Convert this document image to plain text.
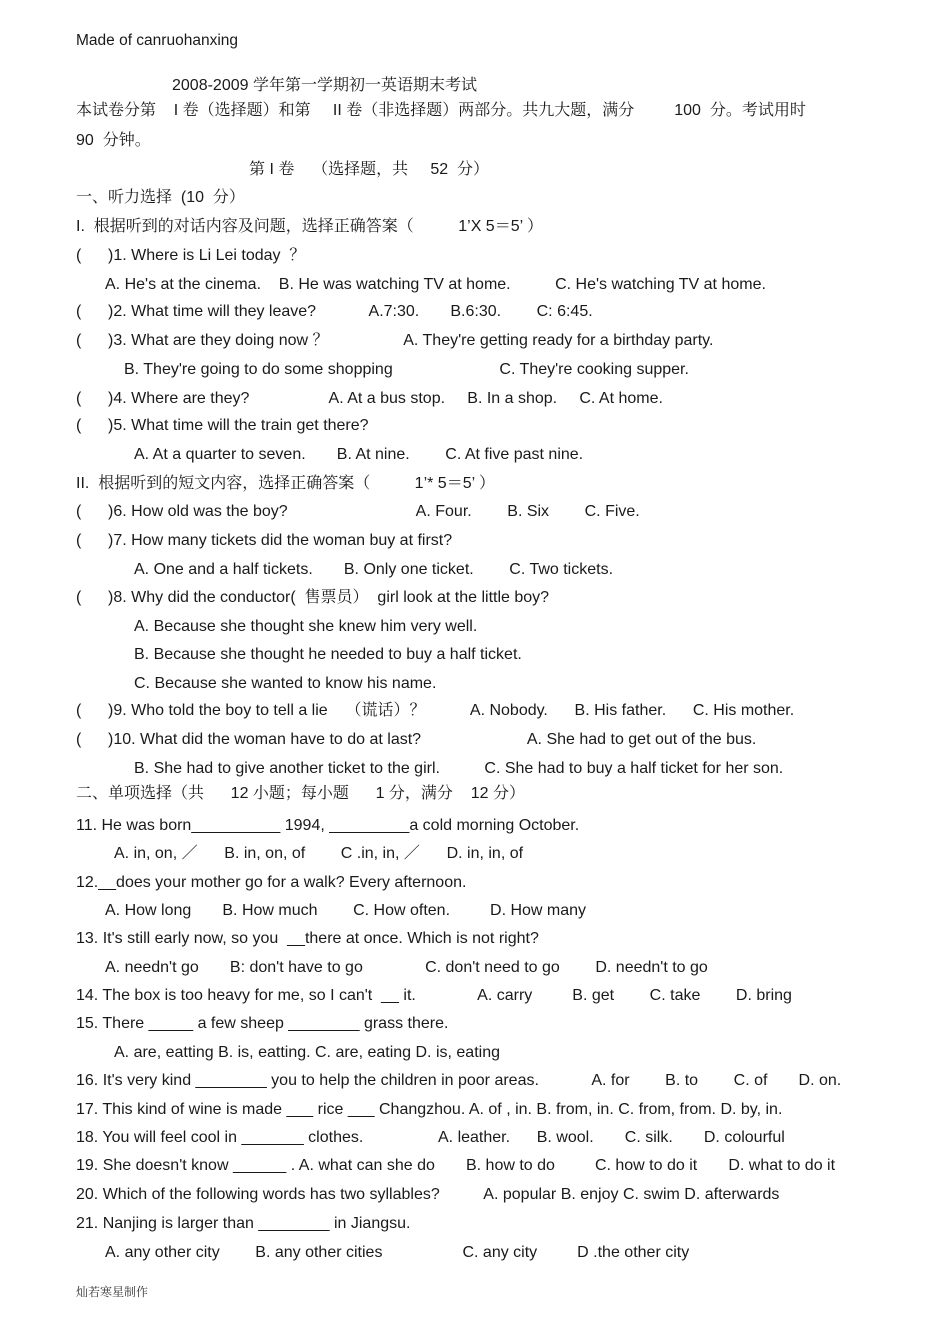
Made of canruohanxing
2008-2009 学年第一学期初一英语期末考试
本试卷分第    I 卷（选择题）和第     II 卷（非选择题）两部分。共九大题，满分         100  分。考试用时
90  分钟。
第 I 卷    （选择题，共     52  分）
一、听力选择  (10  分）
I.  根据听到的对话内容及问题，选择正确答案（          1’X 5＝5’ ）
(      )1. Where is Li Lei today  ？
A. He's at the cinema.    B. He was watching TV at home.          C. He's watching TV at home.
(      )2. What time will they leave?            A.7:30.       B.6:30.        C: 6:45.
(      )3. What are they doing now ？                 A. They're getting ready for a birthday party.
B. They're going to do some shopping                        C. They're cooking supper.
(      )4. Where are they?                  A. At a bus stop.     B. In a shop.     C. At home.
(      )5. What time will the train get there?
A. At a quarter to seven.       B. At nine.        C. At five past nine.
II.  根据听到的短文内容，选择正确答案（          1’* 5＝5’ ）
(      )6. How old was the boy?                             A. Four.        B. Six        C. Five.
(      )7. How many tickets did the woman buy at first?
A. One and a half tickets.       B. Only one ticket.        C. Two tickets.
(      )8. Why did the conductor(  售票员）  girl look at the little boy?
A. Because she thought she knew him very well.
B. Because she thought he needed to buy a half ticket.
C. Because she wanted to know his name.
(      )9. Who told the boy to tell a lie    （谎话）？          A. Nobody.      B. His father.      C. His mother.
(      )10. What did the woman have to do at last?                        A. She had to get out of the bus.
B. She had to give another ticket to the girl.          C. She had to buy a half ticket for her son.
二、单项选择（共      12 小题；每小题      1 分，满分    12 分）
11. He was born__________ 1994, _________a cold morning October.
A. in, on, ／      B. in, on, of        C .in, in, ／      D. in, in, of
12.__does your mother go for a walk? Every afternoon.
A. How long       B. How much        C. How often.         D. How many
13. It's still early now, so you  __there at once. Which is not right?
A. needn't go       B: don't have to go              C. don't need to go        D. needn't to go
14. The box is too heavy for me, so I can't  __ it.              A. carry         B. get        C. take        D. bring
15. There _____ a few sheep ________ grass there.
A. are, eatting B. is, eatting. C. are, eating D. is, eating
16. It's very kind ________ you to help the children in poor areas.            A. for        B. to        C. of       D. on.
17. This kind of wine is made ___ rice ___ Changzhou. A. of , in. B. from, in. C. from, from. D. by, in.
18. You will feel cool in _______ clothes.                 A. leather.      B. wool.       C. silk.       D. colourful
19. She doesn't know ______ . A. what can she do       B. how to do         C. how to do it       D. what to do it
20. Which of the following words has two syllables?          A. popular B. enjoy C. swim D. afterwards
21. Nanjing is larger than ________ in Jiangsu.
A. any other city        B. any other cities                  C. any city         D .the other city
灿若寒星制作
